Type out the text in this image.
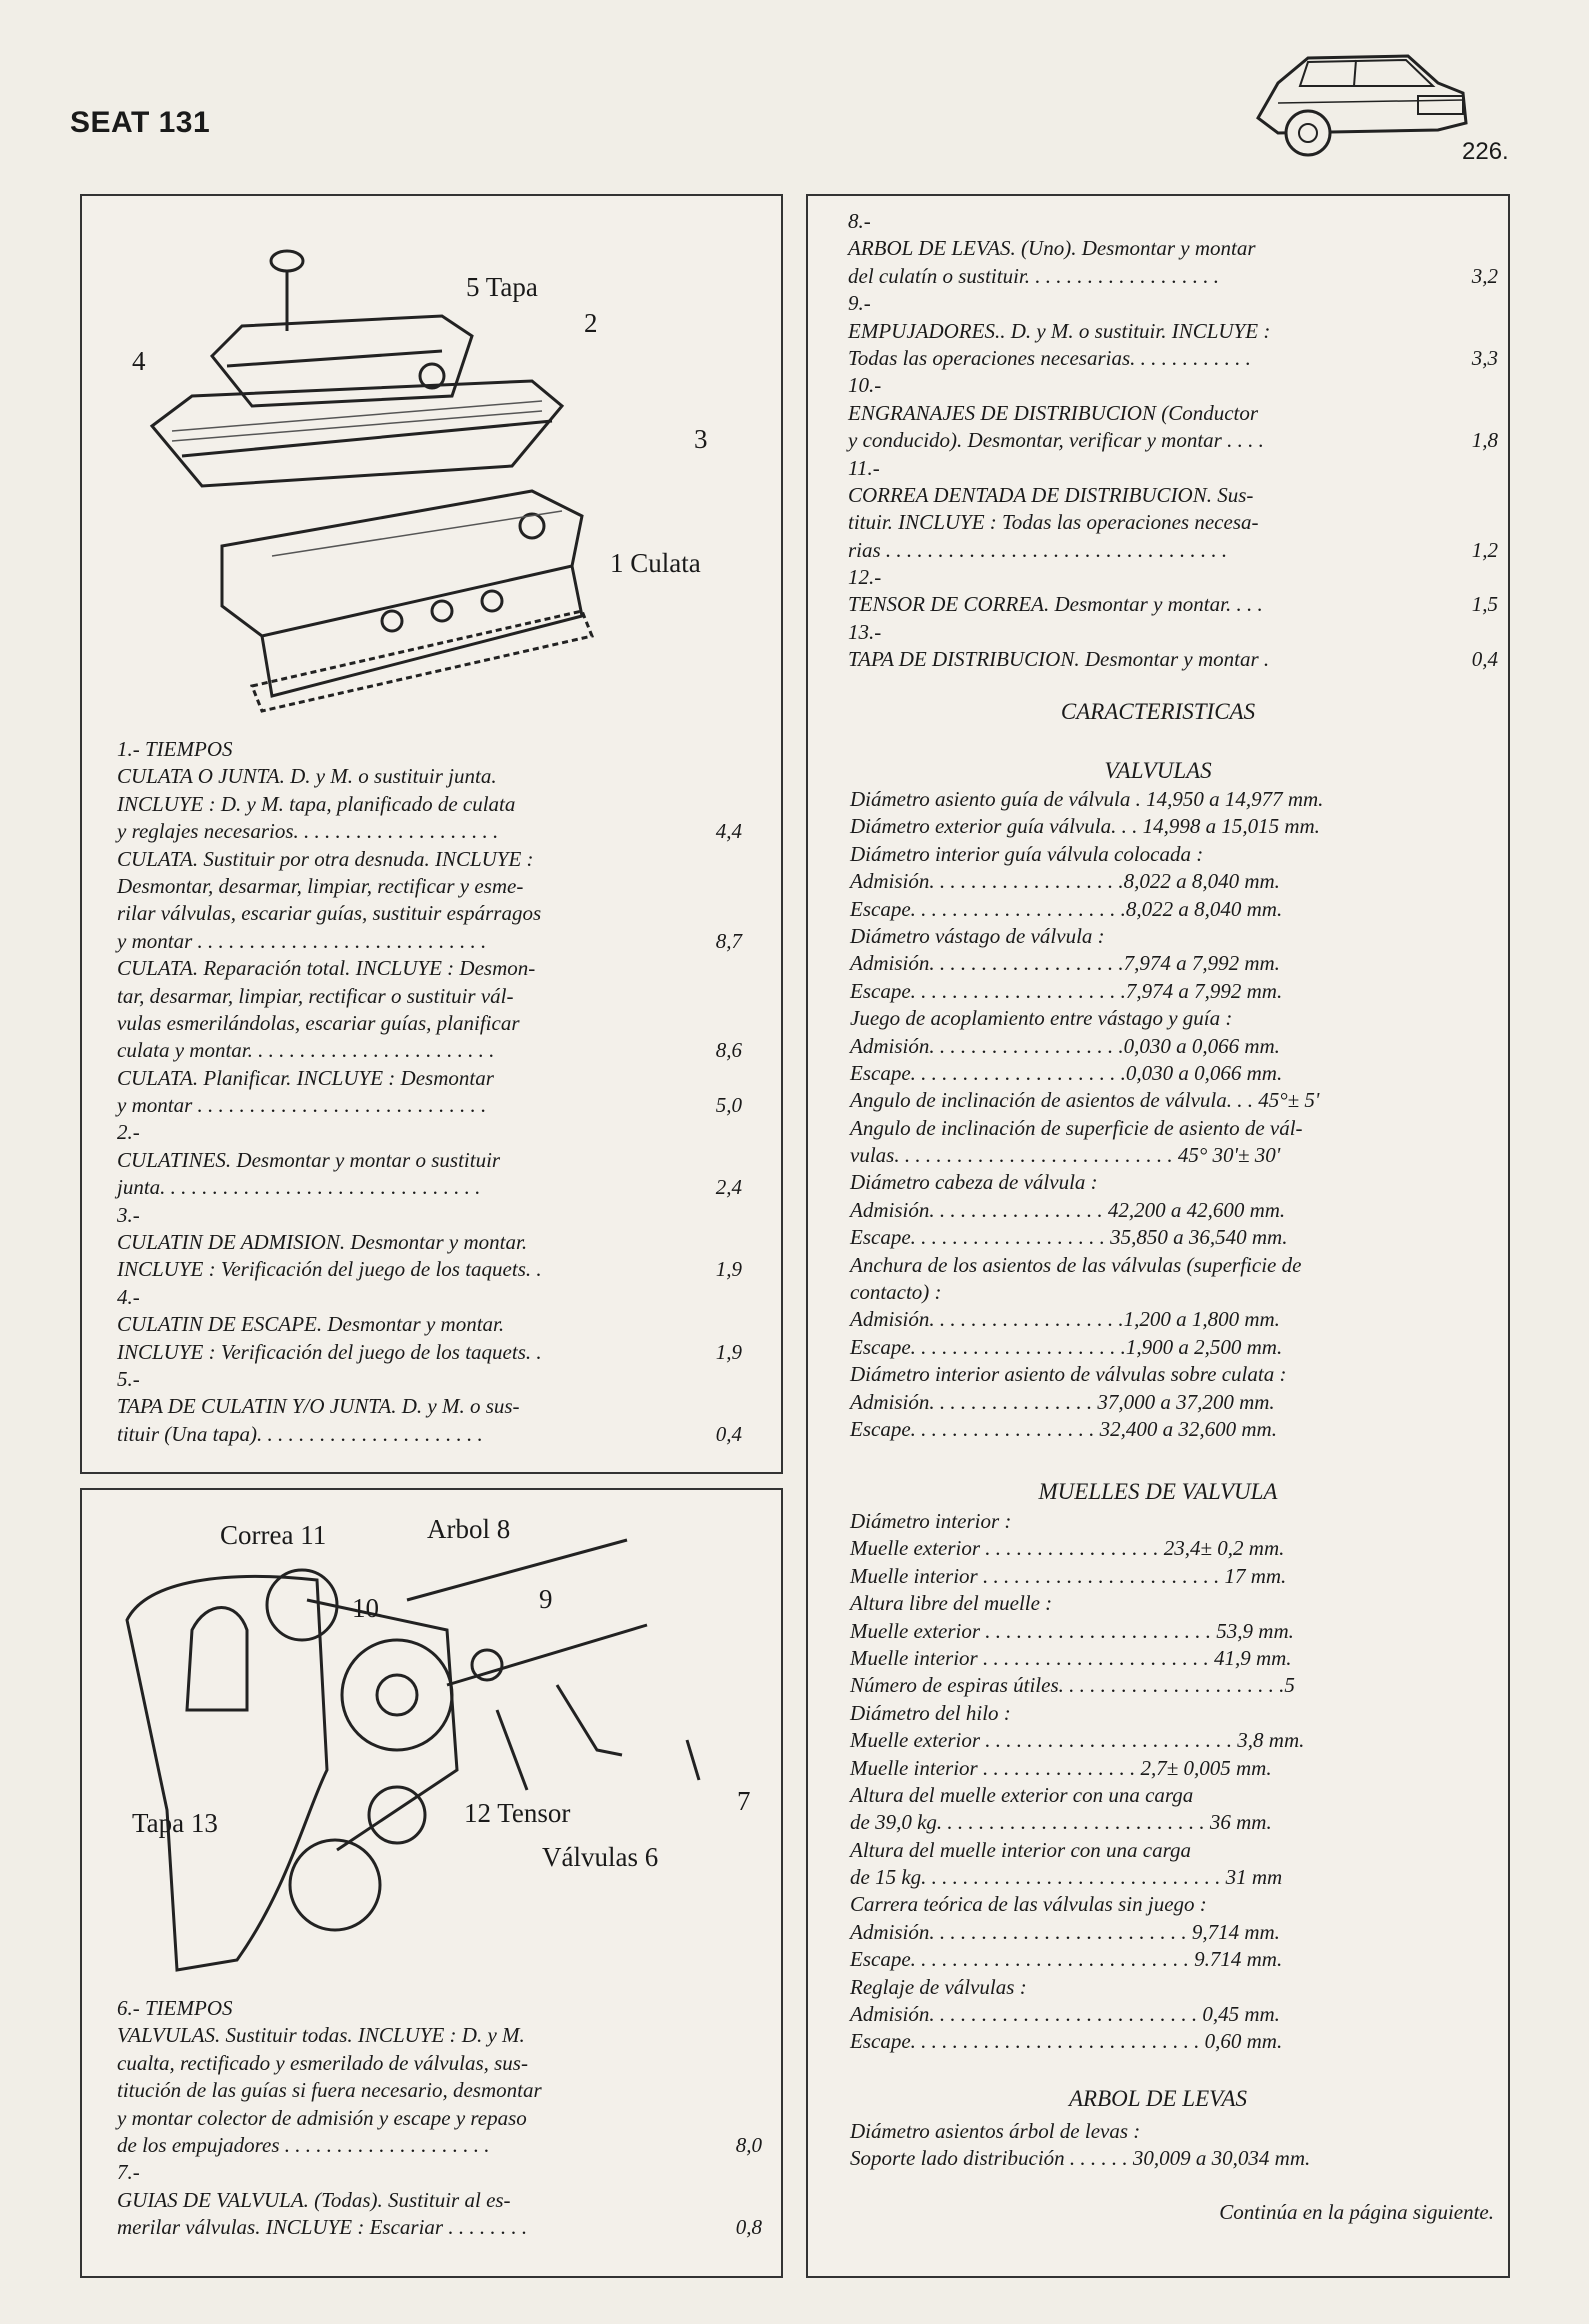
SEAT 131
226.
5 Tapa
2
4
3
1 Culata
1.- TIEMPOS
CULATA O JUNTA. D. y M. o sustituir junta.
INCLUYE : D. y M. tapa, planificado de culata
y reglajes necesarios. . . . . . . . . . . . . . . . . . . .	4,4
CULATA. Sustituir por otra desnuda. INCLUYE :
Desmontar, desarmar, limpiar, rectificar y esme-
rilar válvulas, escariar guías, sustituir espárragos
y montar . . . . . . . . . . . . . . . . . . . . . . . . . . . .	8,7
CULATA. Reparación total. INCLUYE : Desmon-
tar, desarmar, limpiar, rectificar o sustituir vál-
vulas esmerilándolas, escariar guías, planificar
culata y montar. . . . . . . . . . . . . . . . . . . . . . . .	8,6
CULATA. Planificar. INCLUYE : Desmontar
y montar . . . . . . . . . . . . . . . . . . . . . . . . . . . .	5,0
2.-
CULATINES. Desmontar y montar o sustituir
junta. . . . . . . . . . . . . . . . . . . . . . . . . . . . . . .	2,4
3.-
CULATIN DE ADMISION. Desmontar y montar.
INCLUYE : Verificación del juego de los taquets. .	1,9
4.-
CULATIN DE ESCAPE. Desmontar y montar.
INCLUYE : Verificación del juego de los taquets. .	1,9
5.-
TAPA DE CULATIN Y/O JUNTA. D. y M. o sus-
tituir (Una tapa). . . . . . . . . . . . . . . . . . . . . .	0,4
Correa 11	Arbol 8
10	9
Tapa 13	12 Tensor	7
Válvulas 6
6.- TIEMPOS
VALVULAS. Sustituir todas. INCLUYE : D. y M.
cualta, rectificado y esmerilado de válvulas, sus-
titución de las guías si fuera necesario, desmontar
y montar colector de admisión y escape y repaso
de los empujadores . . . . . . . . . . . . . . . . . . . .	8,0
7.-
GUIAS DE VALVULA. (Todas). Sustituir al es-
merilar válvulas. INCLUYE : Escariar . . . . . . . .	0,8
8.-
ARBOL DE LEVAS. (Uno). Desmontar y montar
del culatín o sustituir. . . . . . . . . . . . . . . . . . .	3,2
9.-
EMPUJADORES.. D. y M. o sustituir. INCLUYE :
Todas las operaciones necesarias. . . . . . . . . . . .	3,3
10.-
ENGRANAJES DE DISTRIBUCION (Conductor
y conducido). Desmontar, verificar y montar . . . .	1,8
11.-
CORREA DENTADA DE DISTRIBUCION. Sus-
tituir. INCLUYE : Todas las operaciones necesa-
rias . . . . . . . . . . . . . . . . . . . . . . . . . . . . . . . . .	1,2
12.-
TENSOR DE CORREA. Desmontar y montar. . . .	1,5
13.-
TAPA DE DISTRIBUCION. Desmontar y montar .	0,4
CARACTERISTICAS
VALVULAS
Diámetro asiento guía de válvula . 14,950 a 14,977 mm.
Diámetro exterior guía válvula. . . 14,998 a 15,015 mm.
Diámetro interior guía válvula colocada :
Admisión. . . . . . . . . . . . . . . . . . .8,022 a 8,040 mm.
Escape. . . . . . . . . . . . . . . . . . . . .8,022 a 8,040 mm.
Diámetro vástago de válvula :
Admisión. . . . . . . . . . . . . . . . . . .7,974 a 7,992 mm.
Escape. . . . . . . . . . . . . . . . . . . . .7,974 a 7,992 mm.
Juego de acoplamiento entre vástago y guía :
Admisión. . . . . . . . . . . . . . . . . . .0,030 a 0,066 mm.
Escape. . . . . . . . . . . . . . . . . . . . .0,030 a 0,066 mm.
Angulo de inclinación de asientos de válvula. . . 45°± 5'
Angulo de inclinación de superficie de asiento de vál-
vulas. . . . . . . . . . . . . . . . . . . . . . . . . . . 45° 30'± 30'
Diámetro cabeza de válvula :
Admisión. . . . . . . . . . . . . . . . . 42,200 a 42,600 mm.
Escape. . . . . . . . . . . . . . . . . . . 35,850 a 36,540 mm.
Anchura de los asientos de las válvulas (superficie de
contacto) :
Admisión. . . . . . . . . . . . . . . . . . .1,200 a 1,800 mm.
Escape. . . . . . . . . . . . . . . . . . . . .1,900 a 2,500 mm.
Diámetro interior asiento de válvulas sobre culata :
Admisión. . . . . . . . . . . . . . . . 37,000 a 37,200 mm.
Escape. . . . . . . . . . . . . . . . . . 32,400 a 32,600 mm.
MUELLES DE VALVULA
Diámetro interior :
Muelle exterior . . . . . . . . . . . . . . . . . 23,4± 0,2 mm.
Muelle interior . . . . . . . . . . . . . . . . . . . . . . . 17 mm.
Altura libre del muelle :
Muelle exterior . . . . . . . . . . . . . . . . . . . . . . 53,9 mm.
Muelle interior . . . . . . . . . . . . . . . . . . . . . . 41,9 mm.
Número de espiras útiles. . . . . . . . . . . . . . . . . . . . . .5
Diámetro del hilo :
Muelle exterior . . . . . . . . . . . . . . . . . . . . . . . . 3,8 mm.
Muelle interior . . . . . . . . . . . . . . . 2,7± 0,005 mm.
Altura del muelle exterior con una carga
de 39,0 kg. . . . . . . . . . . . . . . . . . . . . . . . . . 36 mm.
Altura del muelle interior con una carga
de 15 kg. . . . . . . . . . . . . . . . . . . . . . . . . . . . . 31 mm
Carrera teórica de las válvulas sin juego :
Admisión. . . . . . . . . . . . . . . . . . . . . . . . . 9,714 mm.
Escape. . . . . . . . . . . . . . . . . . . . . . . . . . . 9.714 mm.
Reglaje de válvulas :
Admisión. . . . . . . . . . . . . . . . . . . . . . . . . . 0,45 mm.
Escape. . . . . . . . . . . . . . . . . . . . . . . . . . . . 0,60 mm.
ARBOL DE LEVAS
Diámetro asientos árbol de levas :
Soporte lado distribución . . . . . . 30,009 a 30,034 mm.
Continúa en la página siguiente.
